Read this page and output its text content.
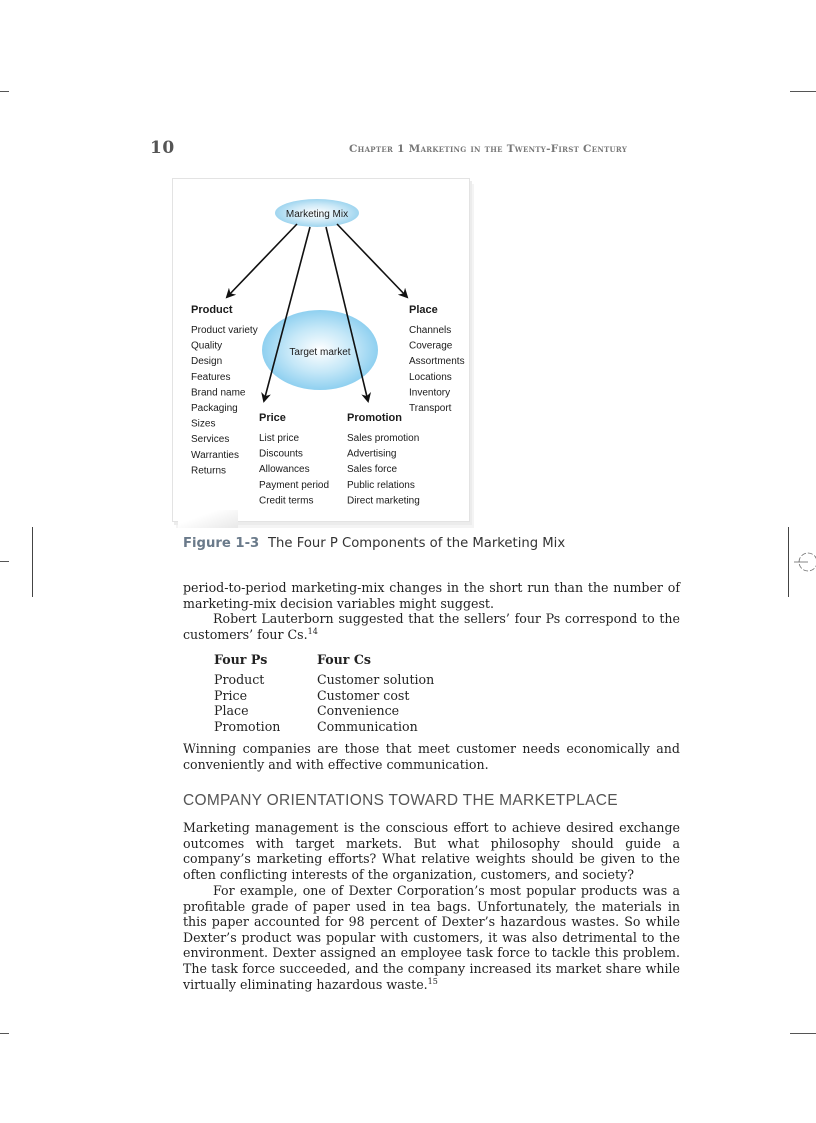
10	Chapter 1 Marketing in the Twenty-First Century
Marketing Mix
Target market
Product
Product variety
Quality
Design
Features
Brand name
Packaging
Sizes
Services
Warranties
Returns
Place
Channels
Coverage
Assortments
Locations
Inventory
Transport
Price
List price
Discounts
Allowances
Payment period
Credit terms
Promotion
Sales promotion
Advertising
Sales force
Public relations
Direct marketing
Figure 1-3 The Four P Components of the Marketing Mix
period-to-period marketing-mix changes in the short run than the number of marketing-mix decision variables might suggest.
Robert Lauterborn suggested that the sellers’ four Ps correspond to the customers’ four Cs.$^{14}$
Four Ps	Four Cs
Product	Customer solution
Price	Customer cost
Place	Convenience
Promotion	Communication
Winning companies are those that meet customer needs economically and conveniently and with effective communication.
COMPANY ORIENTATIONS TOWARD THE MARKETPLACE
Marketing management is the conscious effort to achieve desired exchange outcomes with target markets. But what philosophy should guide a company’s marketing efforts? What relative weights should be given to the often conflicting interests of the organization, customers, and society?
For example, one of Dexter Corporation’s most popular products was a profitable grade of paper used in tea bags. Unfortunately, the materials in this paper accounted for 98 percent of Dexter’s hazardous wastes. So while Dexter’s product was popular with customers, it was also detrimental to the environment. Dexter assigned an employee task force to tackle this problem. The task force succeeded, and the company increased its market share while virtually eliminating hazardous waste.$^{15}$
